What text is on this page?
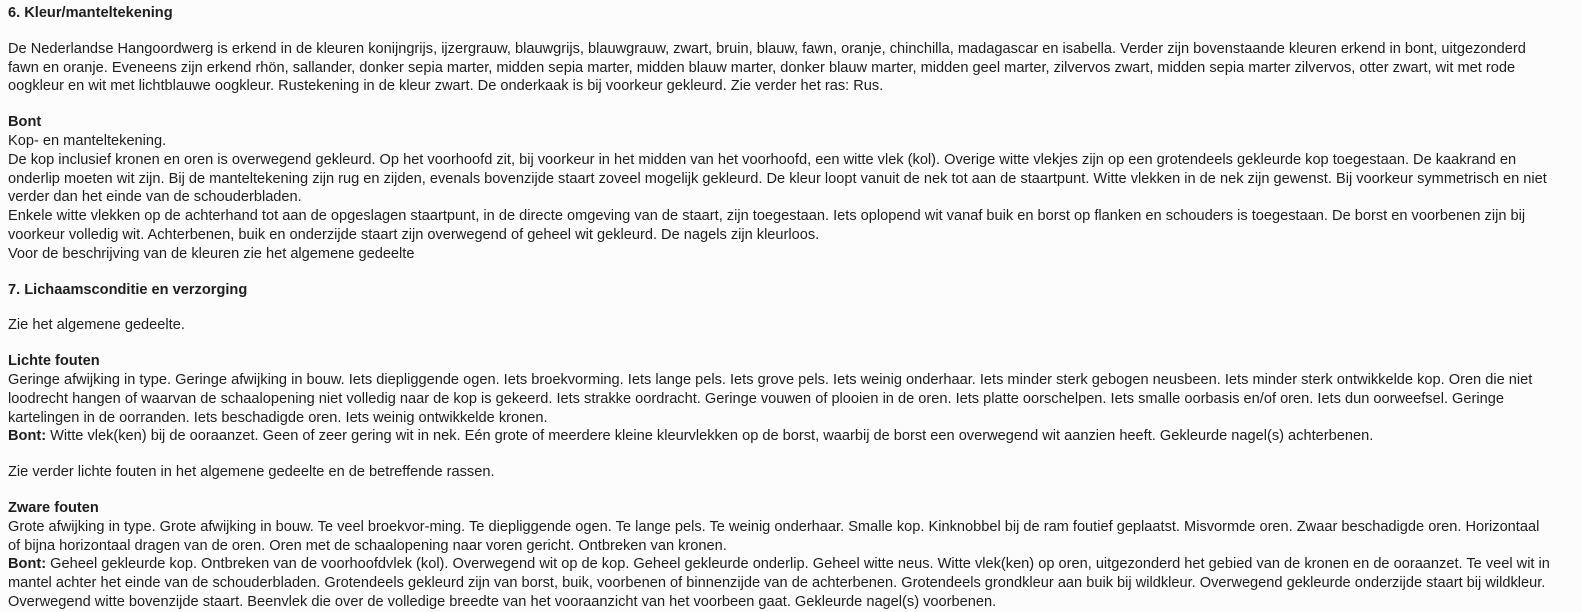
6. Kleur/manteltekening

De Nederlandse Hangoordwerg is erkend in de kleuren konijngrijs, ijzergrauw, blauwgrijs, blauwgrauw, zwart, bruin, blauw, fawn, oranje, chinchilla, madagascar en isabella. Verder zijn bovenstaande kleuren erkend in bont, uitgezonderd fawn en oranje. Eveneens zijn erkend rhön, sallander, donker sepia marter, midden sepia marter, midden blauw marter, donker blauw marter, midden geel marter, zilvervos zwart, midden sepia marter zilvervos, otter zwart, wit met rode oogkleur en wit met lichtblauwe oogkleur. Rustekening in de kleur zwart. De onderkaak is bij voorkeur gekleurd. Zie verder het ras: Rus.

Bont

Kop- en manteltekening.

De kop inclusief kronen en oren is overwegend gekleurd. Op het voorhoofd zit, bij voorkeur in het midden van het voorhoofd, een witte vlek (kol). Overige witte vlekjes zijn op een grotendeels gekleurde kop toegestaan. De kaakrand en onderlip moeten wit zijn. Bij de manteltekening zijn rug en zijden, evenals bovenzijde staart zoveel mogelijk gekleurd. De kleur loopt vanuit de nek tot aan de staartpunt. Witte vlekken in de nek zijn gewenst. Bij voorkeur symmetrisch en niet verder dan het einde van de schouderbladen.

Enkele witte vlekken op de achterhand tot aan de opgeslagen staartpunt, in de directe omgeving van de staart, zijn toegestaan. Iets oplopend wit vanaf buik en borst op flanken en schouders is toegestaan. De borst en voorbenen zijn bij voorkeur volledig wit. Achterbenen, buik en onderzijde staart zijn overwegend of geheel wit gekleurd. De nagels zijn kleurloos.

Voor de beschrijving van de kleuren zie het algemene gedeelte

7. Lichaamsconditie en verzorging

Zie het algemene gedeelte.

Lichte fouten

Geringe afwijking in type. Geringe afwijking in bouw. Iets diepliggende ogen. Iets broekvorming. Iets lange pels. Iets grove pels. Iets weinig onderhaar. Iets minder sterk gebogen neusbeen. Iets minder sterk ontwikkelde kop. Oren die niet loodrecht hangen of waarvan de schaalopening niet volledig naar de kop is gekeerd. Iets strakke oordracht. Geringe vouwen of plooien in de oren. Iets platte oorschelpen. Iets smalle oorbasis en/of oren. Iets dun oorweefsel. Geringe kartelingen in de oorranden. Iets beschadigde oren. Iets weinig ontwikkelde kronen.

Bont: Witte vlek(ken) bij de ooraanzet. Geen of zeer gering wit in nek. Eén grote of meerdere kleine kleurvlekken op de borst, waarbij de borst een overwegend wit aanzien heeft. Gekleurde nagel(s) achterbenen.

Zie verder lichte fouten in het algemene gedeelte en de betreffende rassen.

Zware fouten

Grote afwijking in type. Grote afwijking in bouw. Te veel broekvor-ming. Te diepliggende ogen. Te lange pels. Te weinig onderhaar. Smalle kop. Kinknobbel bij de ram foutief geplaatst. Misvormde oren. Zwaar beschadigde oren. Horizontaal of bijna horizontaal dragen van de oren. Oren met de schaalopening naar voren gericht. Ontbreken van kronen.

Bont: Geheel gekleurde kop. Ontbreken van de voorhoofdvlek (kol). Overwegend wit op de kop. Geheel gekleurde onderlip. Geheel witte neus. Witte vlek(ken) op oren, uitgezonderd het gebied van de kronen en de ooraanzet. Te veel wit in mantel achter het einde van de schouderbladen. Grotendeels gekleurd zijn van borst, buik, voorbenen of binnenzijde van de achterbenen. Grotendeels grondkleur aan buik bij wildkleur. Overwegend gekleurde onderzijde staart bij wildkleur. Overwegend witte bovenzijde staart. Beenvlek die over de volledige breedte van het vooraanzicht van het voorbeen gaat. Gekleurde nagel(s) voorbenen.
